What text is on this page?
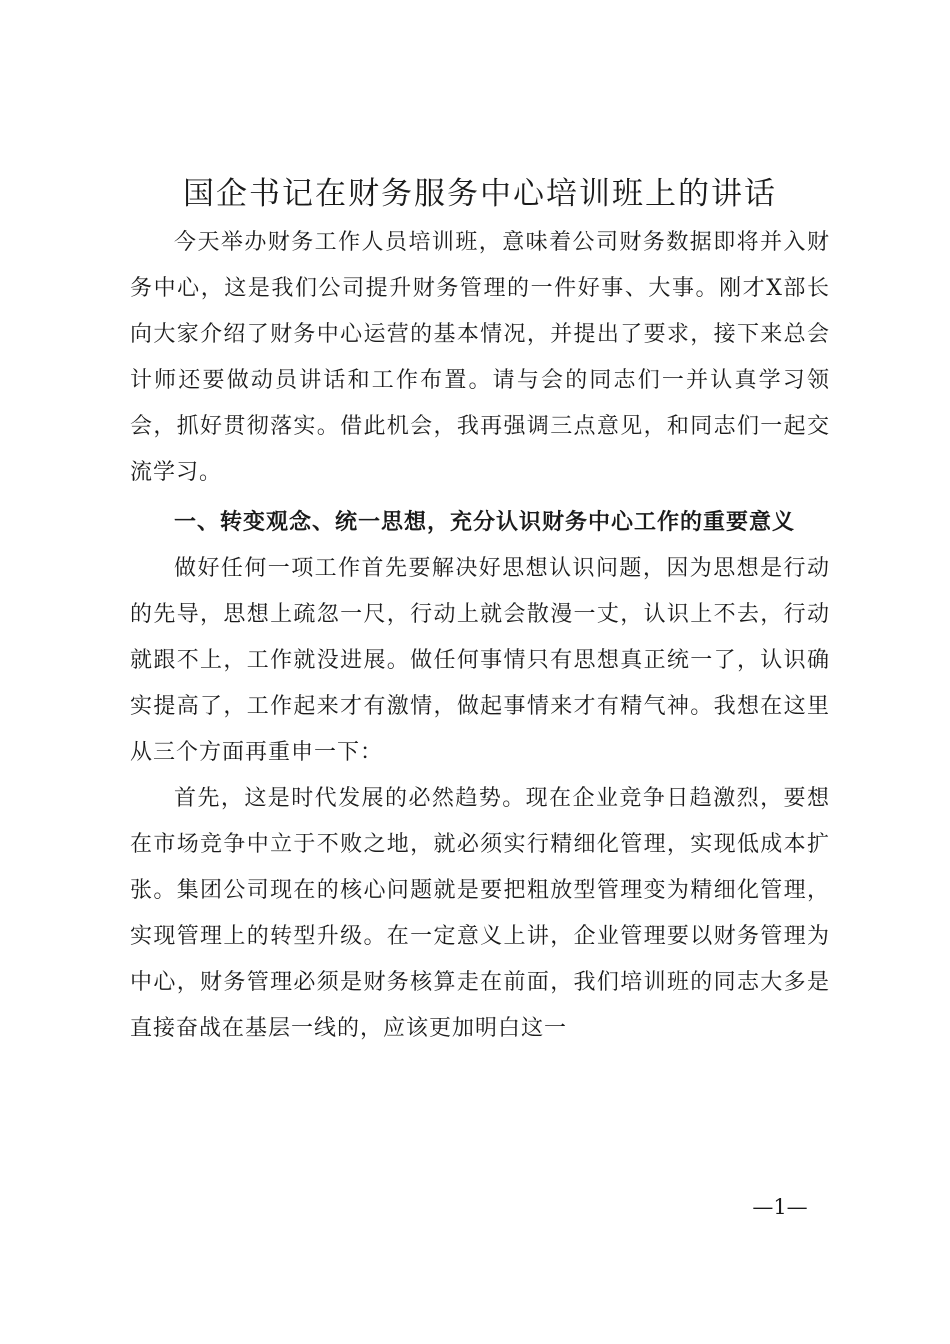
国企书记在财务服务中心培训班上的讲话

今天举办财务工作人员培训班，意味着公司财务数据即将并入财务中心，这是我们公司提升财务管理的一件好事、大事。刚才X部长向大家介绍了财务中心运营的基本情况，并提出了要求，接下来总会计师还要做动员讲话和工作布置。请与会的同志们一并认真学习领会，抓好贯彻落实。借此机会，我再强调三点意见，和同志们一起交流学习。

一、转变观念、统一思想，充分认识财务中心工作的重要意义

做好任何一项工作首先要解决好思想认识问题，因为思想是行动的先导，思想上疏忽一尺，行动上就会散漫一丈，认识上不去，行动就跟不上，工作就没进展。做任何事情只有思想真正统一了，认识确实提高了，工作起来才有激情，做起事情来才有精气神。我想在这里从三个方面再重申一下：

首先，这是时代发展的必然趋势。现在企业竞争日趋激烈，要想在市场竞争中立于不败之地，就必须实行精细化管理，实现低成本扩张。集团公司现在的核心问题就是要把粗放型管理变为精细化管理，实现管理上的转型升级。在一定意义上讲，企业管理要以财务管理为中心，财务管理必须是财务核算走在前面，我们培训班的同志大多是直接奋战在基层一线的，应该更加明白这一

—1—
